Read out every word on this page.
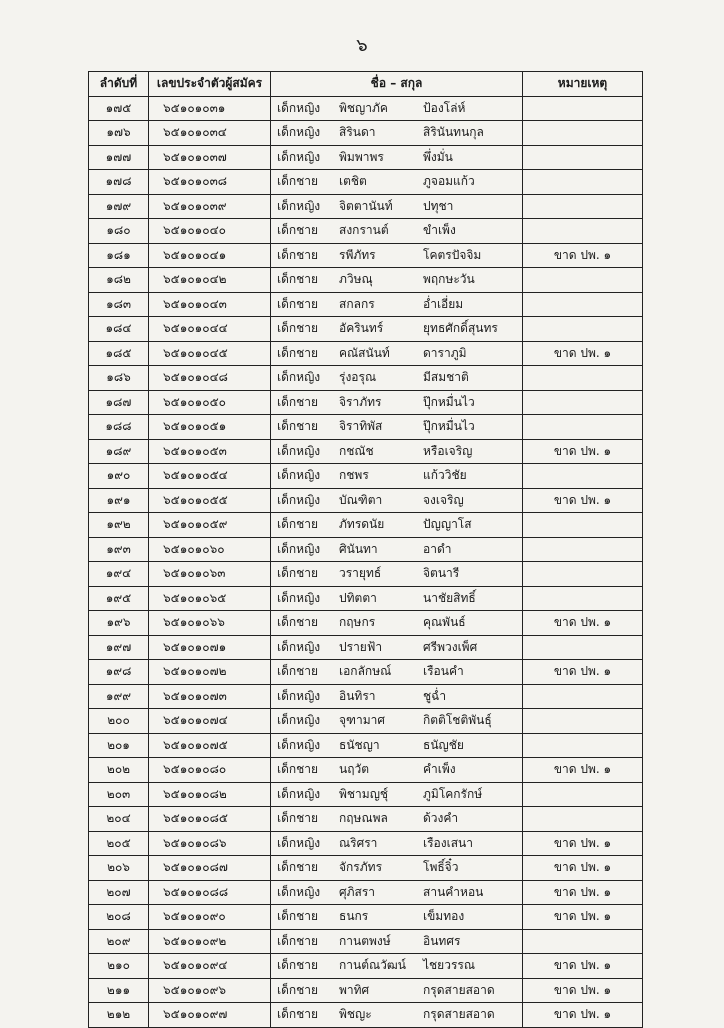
๖
ลำดับที่	เลขประจำตัวผู้สมัคร	ชื่อ – สกุล	หมายเหตุ
๑๗๕	๖๕๑๐๑๐๓๑	เด็กหญิง พิชญาภัค ป้องโล่ห์	

๑๗๖	๖๕๑๐๑๐๓๔	เด็กหญิง สิรินดา สิรินันทนกุล	

๑๗๗	๖๕๑๐๑๐๓๗	เด็กหญิง พิมพาพร พึ่งมั่น	

๑๗๘	๖๕๑๐๑๐๓๘	เด็กชาย เตชิต ภูจอมแก้ว	

๑๗๙	๖๕๑๐๑๐๓๙	เด็กหญิง จิตตานันท์ ปทุชา	

๑๘๐	๖๕๑๐๑๐๔๐	เด็กชาย สงกรานต์ ขำเพ็ง	

๑๘๑	๖๕๑๐๑๐๔๑	เด็กชาย รพีภัทร โคตรปัจจิม	ขาด ปพ. ๑
๑๘๒	๖๕๑๐๑๐๔๒	เด็กชาย ภวิษณุ พฤกษะวัน	

๑๘๓	๖๕๑๐๑๐๔๓	เด็กชาย สกลกร อ่ำเอี่ยม	

๑๘๔	๖๕๑๐๑๐๔๔	เด็กชาย อัครินทร์ ยุทธศักดิ์สุนทร	

๑๘๕	๖๕๑๐๑๐๔๕	เด็กชาย คณัสนันท์ ดาราภูมิ	ขาด ปพ. ๑
๑๘๖	๖๕๑๐๑๐๔๘	เด็กหญิง รุ่งอรุณ มีสมชาติ	

๑๘๗	๖๕๑๐๑๐๕๐	เด็กชาย จิราภัทร ปุ๊กหมื่นไว	

๑๘๘	๖๕๑๐๑๐๕๑	เด็กชาย จิราทิพัส ปุ๊กหมื่นไว	

๑๘๙	๖๕๑๐๑๐๕๓	เด็กหญิง กชณัช หรือเจริญ	ขาด ปพ. ๑
๑๙๐	๖๕๑๐๑๐๕๔	เด็กหญิง กชพร แก้ววิชัย	

๑๙๑	๖๕๑๐๑๐๕๕	เด็กหญิง บัณฑิตา จงเจริญ	ขาด ปพ. ๑
๑๙๒	๖๕๑๐๑๐๕๙	เด็กชาย ภัทรดนัย ปัญญาโส	

๑๙๓	๖๕๑๐๑๐๖๐	เด็กหญิง ศินันทา อาดำ	

๑๙๔	๖๕๑๐๑๐๖๓	เด็กชาย วรายุทธ์ จิตนารี	

๑๙๕	๖๕๑๐๑๐๖๕	เด็กหญิง ปทิตตา นาชัยสิทธิ์	

๑๙๖	๖๕๑๐๑๐๖๖	เด็กชาย กฤษกร คุณพันธ์	ขาด ปพ. ๑
๑๙๗	๖๕๑๐๑๐๗๑	เด็กหญิง ปรายฟ้า ศรีพวงเพ็ศ	

๑๙๘	๖๕๑๐๑๐๗๒	เด็กชาย เอกลักษณ์ เรือนคำ	ขาด ปพ. ๑
๑๙๙	๖๕๑๐๑๐๗๓	เด็กหญิง อินทิรา ชูฉ่ำ	

๒๐๐	๖๕๑๐๑๐๗๔	เด็กหญิง จุฑามาศ กิตติโชติพันธุ์	

๒๐๑	๖๕๑๐๑๐๗๕	เด็กหญิง ธนัชญา ธนัญชัย	

๒๐๒	๖๕๑๐๑๐๘๐	เด็กชาย นฤวัต คำเพ็ง	ขาด ปพ. ๑
๒๐๓	๖๕๑๐๑๐๘๒	เด็กหญิง พิชามญชุ์ ภูมิโคกรักษ์	

๒๐๔	๖๕๑๐๑๐๘๕	เด็กชาย กฤษณพล ด้วงคำ	

๒๐๕	๖๕๑๐๑๐๘๖	เด็กหญิง ณริศรา เรืองเสนา	ขาด ปพ. ๑
๒๐๖	๖๕๑๐๑๐๘๗	เด็กชาย จักรภัทร โพธิ์จิ๋ว	ขาด ปพ. ๑
๒๐๗	๖๕๑๐๑๐๘๘	เด็กหญิง ศุภิสรา สานคำหอน	ขาด ปพ. ๑
๒๐๘	๖๕๑๐๑๐๙๐	เด็กชาย ธนกร เข็มทอง	ขาด ปพ. ๑
๒๐๙	๖๕๑๐๑๐๙๒	เด็กชาย กานตพงษ์ อินทศร	

๒๑๐	๖๕๑๐๑๐๙๔	เด็กชาย กานต์ณวัฒน์ ไชยวรรณ	ขาด ปพ. ๑
๒๑๑	๖๕๑๐๑๐๙๖	เด็กชาย พาทิศ กรุดสายสอาด	ขาด ปพ. ๑
๒๑๒	๖๕๑๐๑๐๙๗	เด็กชาย พิชญะ กรุดสายสอาด	ขาด ปพ. ๑
